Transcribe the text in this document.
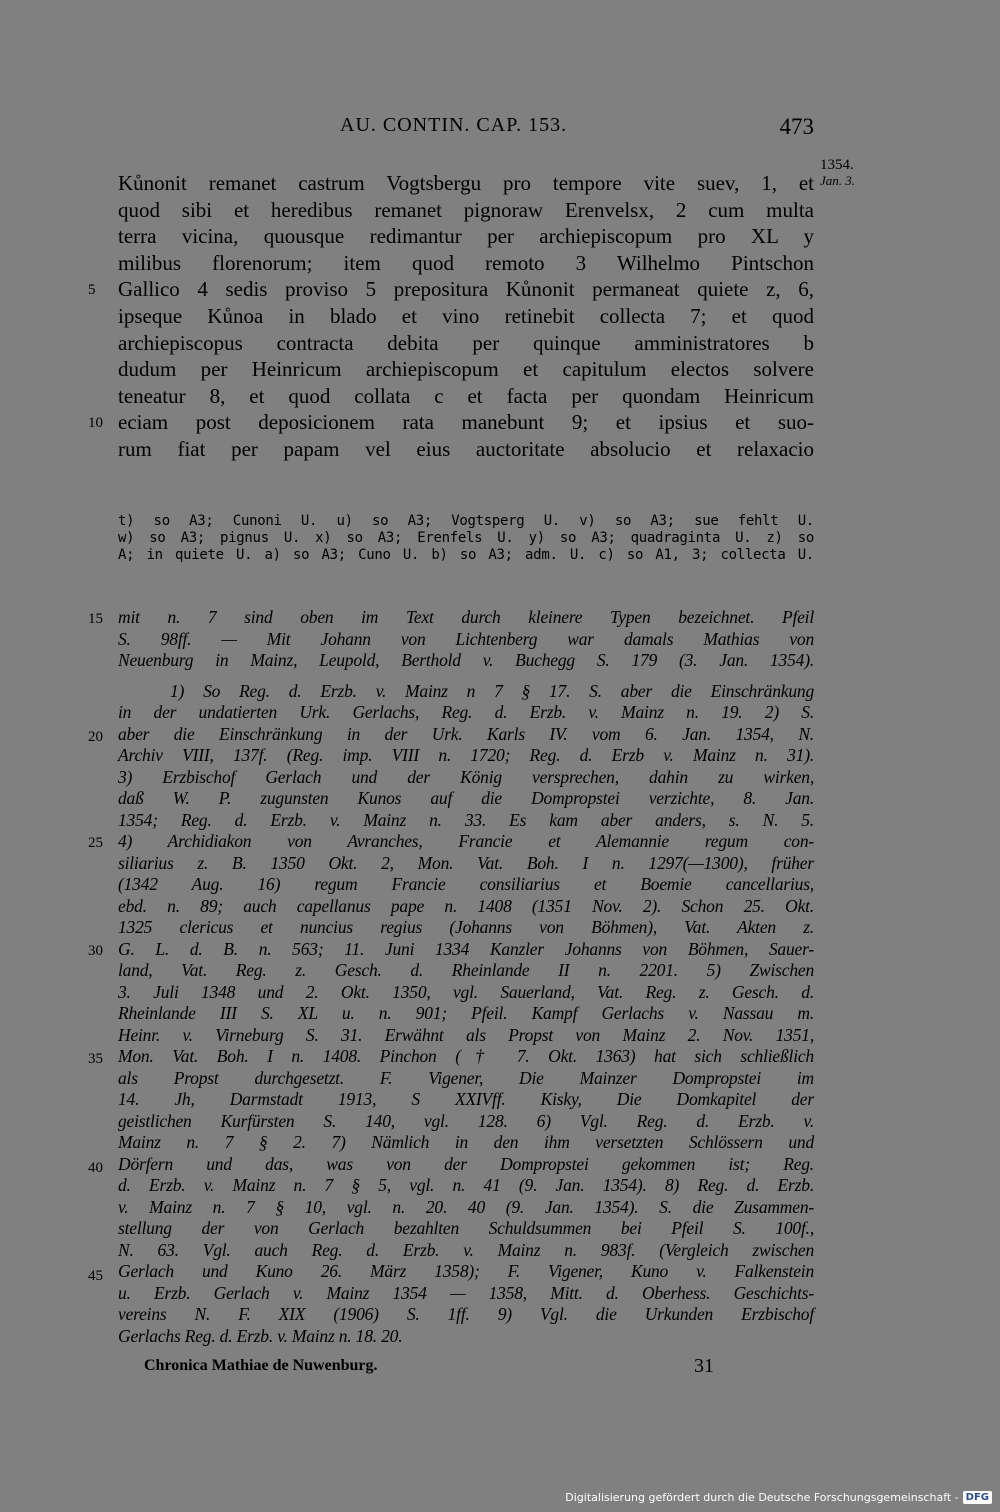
AU. CONTIN. CAP. 153.	473
1354.
Jan. 3.
5
10
15
20
25
30
35
40
45
Kůnonit remanet castrum Vogtsbergu pro tempore vite suev, 1, et
quod sibi et heredibus remanet pignoraw Erenvelsx, 2 cum multa
terra vicina, quousque redimantur per archiepiscopum pro XL y
milibus florenorum; item quod remoto 3 Wilhelmo Pintschon
Gallico 4 sedis proviso 5 prepositura Kůnonit permaneat quiete z, 6,
ipseque Kůnoa in blado et vino retinebit collecta 7; et quod
archiepiscopus contracta debita per quinque amministratores b
dudum per Heinricum archiepiscopum et capitulum electos solvere
teneatur 8, et quod collata c et facta per quondam Heinricum
eciam post deposicionem rata manebunt 9; et ipsius et suo-
rum fiat per papam vel eius auctoritate absolucio et relaxacio
t) so A3; Cunoni U. u) so A3; Vogtsperg U. v) so A3; sue fehlt U.
w) so A3; pignus U. x) so A3; Erenfels U. y) so A3; quadraginta U. z) so
A; in quiete U. a) so A3; Cuno U. b) so A3; adm. U. c) so A1, 3; collecta U.
mit n. 7 sind oben im Text durch kleinere Typen bezeichnet. Pfeil
S. 98ff. — Mit Johann von Lichtenberg war damals Mathias von
Neuenburg in Mainz, Leupold, Berthold v. Buchegg S. 179 (3. Jan. 1354).
1) So Reg. d. Erzb. v. Mainz n 7 § 17. S. aber die Einschränkung
in der undatierten Urk. Gerlachs, Reg. d. Erzb. v. Mainz n. 19. 2) S.
aber die Einschränkung in der Urk. Karls IV. vom 6. Jan. 1354, N.
Archiv VIII, 137f. (Reg. imp. VIII n. 1720; Reg. d. Erzb v. Mainz n. 31).
3) Erzbischof Gerlach und der König versprechen, dahin zu wirken,
daß W. P. zugunsten Kunos auf die Dompropstei verzichte, 8. Jan.
1354; Reg. d. Erzb. v. Mainz n. 33. Es kam aber anders, s. N. 5.
4) Archidiakon von Avranches, Francie et Alemannie regum con-
siliarius z. B. 1350 Okt. 2, Mon. Vat. Boh. I n. 1297(—1300), früher
(1342 Aug. 16) regum Francie consiliarius et Boemie cancellarius,
ebd. n. 89; auch capellanus pape n. 1408 (1351 Nov. 2). Schon 25. Okt.
1325 clericus et nuncius regius (Johanns von Böhmen), Vat. Akten z.
G. L. d. B. n. 563; 11. Juni 1334 Kanzler Johanns von Böhmen, Sauer-
land, Vat. Reg. z. Gesch. d. Rheinlande II n. 2201. 5) Zwischen
3. Juli 1348 und 2. Okt. 1350, vgl. Sauerland, Vat. Reg. z. Gesch. d.
Rheinlande III S. XL u. n. 901; Pfeil. Kampf Gerlachs v. Nassau m.
Heinr. v. Virneburg S. 31. Erwähnt als Propst von Mainz 2. Nov. 1351,
Mon. Vat. Boh. I n. 1408. Pinchon († 7. Okt. 1363) hat sich schließlich
als Propst durchgesetzt. F. Vigener, Die Mainzer Dompropstei im
14. Jh, Darmstadt 1913, S XXIVff. Kisky, Die Domkapitel der
geistlichen Kurfürsten S. 140, vgl. 128. 6) Vgl. Reg. d. Erzb. v.
Mainz n. 7 § 2. 7) Nämlich in den ihm versetzten Schlössern und
Dörfern und das, was von der Dompropstei gekommen ist; Reg.
d. Erzb. v. Mainz n. 7 § 5, vgl. n. 41 (9. Jan. 1354). 8) Reg. d. Erzb.
v. Mainz n. 7 § 10, vgl. n. 20. 40 (9. Jan. 1354). S. die Zusammen-
stellung der von Gerlach bezahlten Schuldsummen bei Pfeil S. 100f.,
N. 63. Vgl. auch Reg. d. Erzb. v. Mainz n. 983f. (Vergleich zwischen
Gerlach und Kuno 26. März 1358); F. Vigener, Kuno v. Falkenstein
u. Erzb. Gerlach v. Mainz 1354 — 1358, Mitt. d. Oberhess. Geschichts-
vereins N. F. XIX (1906) S. 1ff. 9) Vgl. die Urkunden Erzbischof
Gerlachs Reg. d. Erzb. v. Mainz n. 18. 20.
Chronica Mathiae de Nuwenburg.	31
Digitalisierung gefördert durch die Deutsche Forschungsgemeinschaft - DFG
